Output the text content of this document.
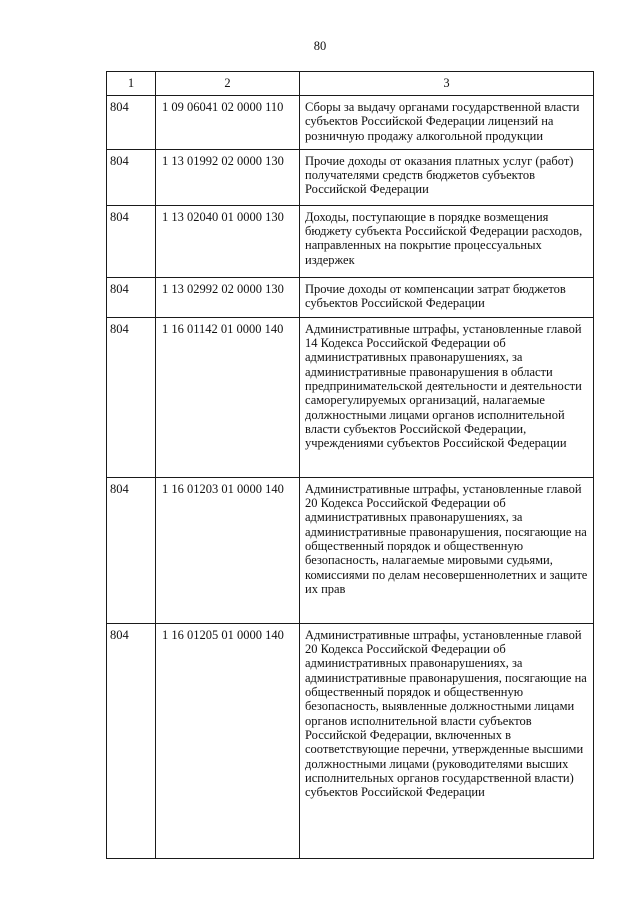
80
1	2	3
804	1 09 06041 02 0000 110	Сборы за выдачу органами государственной власти субъектов Российской Федерации лицензий на розничную продажу алкогольной продукции
804	1 13 01992 02 0000 130	Прочие доходы от оказания платных услуг (работ) получателями средств бюджетов субъектов Российской Федерации
804	1 13 02040 01 0000 130	Доходы, поступающие в порядке возмещения бюджету субъекта Российской Федерации расходов, направленных на покрытие процессуальных издержек
804	1 13 02992 02 0000 130	Прочие доходы от компенсации затрат бюджетов субъектов Российской Федерации
804	1 16 01142 01 0000 140	Административные штрафы, установленные главой 14 Кодекса Российской Федерации об административных правонарушениях, за административные правонарушения в области предпринимательской деятельности и деятельности саморегулируемых организаций, налагаемые должностными лицами органов исполнительной власти субъектов Российской Федерации, учреждениями субъектов Российской Федерации
804	1 16 01203 01 0000 140	Административные штрафы, установленные главой 20 Кодекса Российской Федерации об административных правонарушениях, за административные правонарушения, посягающие на общественный порядок и общественную безопасность, налагаемые мировыми судьями, комиссиями по делам несовершеннолетних и защите их прав
804	1 16 01205 01 0000 140	Административные штрафы, установленные главой 20 Кодекса Российской Федерации об административных правонарушениях, за административные правонарушения, посягающие на общественный порядок и общественную безопасность, выявленные должностными лицами органов исполнительной власти субъектов Российской Федерации, включенных в соответствующие перечни, утвержденные высшими должностными лицами (руководителями высших исполнительных органов государственной власти) субъектов Российской Федерации
